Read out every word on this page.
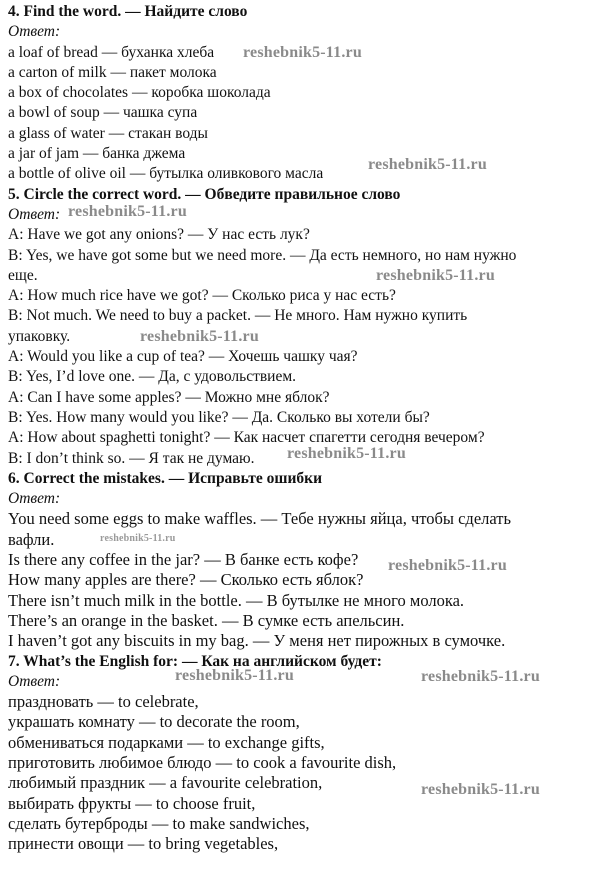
4. Find the word. — Найдите слово
Ответ:
a loaf of bread — буханка хлеба
a carton of milk — пакет молока
a box of chocolates — коробка шоколада
a bowl of soup — чашка супа
a glass of water — стакан воды
a jar of jam — банка джема
a bottle of olive oil — бутылка оливкового масла
5. Circle the correct word. — Обведите правильное слово
Ответ:
A: Have we got any onions? — У нас есть лук?
B: Yes, we have got some but we need more. — Да есть немного, но нам нужно
еще.
A: How much rice have we got? — Сколько риса у нас есть?
B: Not much. We need to buy a packet. — Не много. Нам нужно купить
упаковку.
A: Would you like a cup of tea? — Хочешь чашку чая?
B: Yes, I’d love one. — Да, с удовольствием.
A: Can I have some apples? — Можно мне яблок?
B: Yes. How many would you like? — Да. Сколько вы хотели бы?
A: How about spaghetti tonight? — Как насчет спагетти сегодня вечером?
B: I don’t think so. — Я так не думаю.
6. Correct the mistakes. — Исправьте ошибки
Ответ:
You need some eggs to make waffles. — Тебе нужны яйца, чтобы сделать
вафли.
Is there any coffee in the jar? — В банке есть кофе?
How many apples are there? — Сколько есть яблок?
There isn’t much milk in the bottle. — В бутылке не много молока.
There’s an orange in the basket. — В сумке есть апельсин.
I haven’t got any biscuits in my bag. — У меня нет пирожных в сумочке.
7. What’s the English for: — Как на английском будет:
Ответ:
праздновать — to celebrate,
украшать комнату — to decorate the room,
обмениваться подарками — to exchange gifts,
приготовить любимое блюдо — to cook a favourite dish,
любимый праздник — a favourite celebration,
выбирать фрукты — to choose fruit,
сделать бутерброды — to make sandwiches,
принести овощи — to bring vegetables,
reshebnik5-11.ru
reshebnik5-11.ru
reshebnik5-11.ru
reshebnik5-11.ru
reshebnik5-11.ru
reshebnik5-11.ru
reshebnik5-11.ru
reshebnik5-11.ru
reshebnik5-11.ru	reshebnik5-11.ru
reshebnik5-11.ru
